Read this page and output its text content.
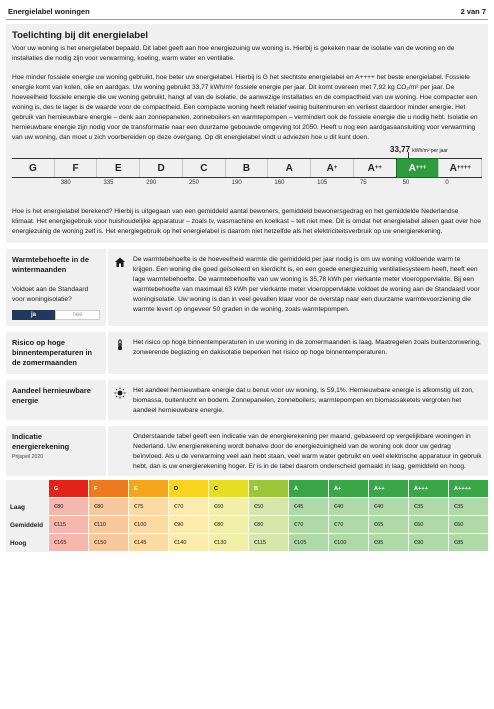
Energielabel woningen	2 van 7
Toelichting bij dit energielabel
Voor uw woning is het energielabel bepaald. Dit label geeft aan hoe energiezuinig uw woning is. Hierbij is gekeken naar de isolatie van de woning en de installaties die nodig zijn voor verwarming, koeling, warm water en ventilatie.
Hoe minder fossiele energie uw woning gebruikt, hoe beter uw energielabel. Hierbij is G het slechtste energielabel en A++++ het beste energielabel. Fossiele energie komt van kolen, olie en aardgas. Uw woning gebruikt 33,77 kWh/m² fossiele energie per jaar. Dit komt overeen met 7,92 kg CO₂/m² per jaar. De hoeveelheid fossiele energie die uw woning gebruikt, hangt af van de isolatie, de aanwezige installaties en de compactheid van uw woning. Hoe compacter een woning is, des te lager is de waarde voor de compactheid. Een compacte woning heeft relatief weinig buitenmuren en verliest daardoor minder energie. Het gebruik van hernieuwbare energie – denk aan zonnepanelen, zonneboilers en warmtepompen – vermindert ook de fossiele energie die u nodig hebt. Isolatie en hernieuwbare energie zijn nodig voor de transformatie naar een duurzame gebouwde omgeving tot 2050. Heeft u nog een aardgasaansluiting voor verwarming van uw woning, dan moet u zich voorbereiden op deze overgang. Op dit energielabel vindt u adviezen hoe u dit kunt doen.
33,77 kWh/m² per jaar
G	F	E	D	C	B	A	A +	A ++	A +++ A ++++
380	335	290	250	190	160	105	75	50	0
Hoe is het energielabel berekend? Hierbij is uitgegaan van een gemiddeld aantal bewoners, gemiddeld bewonersgedrag en het gemiddelde Nederlandse klimaat. Het energiegebruik voor huishoudelijke apparatuur – zoals tv, wasmachine en koelkast – telt niet mee. Dit is omdat het energielabel alleen gaat over hoe energiezuinig de woning zelf is. Het energiegebruik op het energielabel is daarom niet hetzelfde als het elektriciteitsverbruik op uw energierekening.
Warmtebehoefte in de wintermaanden
Voldoet aan de Standaard voor woningisolatie?
ja	nee
De warmtebehoefte is de hoeveelheid warmte die gemiddeld per jaar nodig is om uw woning voldoende warm te krijgen. Een woning die goed geïsoleerd en kierdicht is, en een goede energiezuinig ventilatiesysteem heeft, heeft een lage warmtebehoefte. De warmtebehoefte van uw woning is 35,78 kWh per vierkante meter vloeroppervlakte. Bij een warmtebehoefte van maximaal 63 kWh per vierkante meter vloeroppervlakte voldoet de woning aan de Standaard voor woningisolatie. Uw woning is dan in veel gevallen klaar voor de overstap naar een duurzame warmtevoorziening die warmte levert op ongeveer 50 graden in de woning, zoals warmtepompen.
Risico op hoge binnentemperaturen in de zomermaanden
Het risico op hoge binnentemperaturen in uw woning in de zomermaanden is laag. Maatregelen zoals buitenzonwering, zonwerende beglazing en dakisolatie beperken het risico op hoge binnentemperaturen.
Aandeel hernieuwbare energie
Het aandeel hernieuwbare energie dat u benut voor uw woning, is 59,1%. Hernieuwbare energie is afkomstig uit zon, biomassa, buitenlucht en bodem. Zonnepanelen, zonneboilers, warmtepompen en biomassaketels vergroten het aandeel hernieuwbare energie.
Indicatie energierekening
Prijspeil 2020
Onderstaande tabel geeft een indicatie van de energierekening per maand, gebaseerd op vergelijkbare woningen in Nederland. Uw energierekening wordt behalve door de energiezuinigheid van de woning ook door uw gedrag beïnvloed. Als u de verwarming veel aan hebt staan, veel warm water gebruikt en veel elektrische apparatuur in gebruik hebt, dan is uw energierekening hoger. Er is in de tabel daarom onderscheid gemaakt in laag, gemiddeld en hoog.
G	F	E	D	C	B	A	A+	A++	A+++	A++++
Laag	€80	€80	€75	€70	€60	€50	€45	€40	€40	€35	€35
Gemiddeld	€115	€110	€100	€90	€80	€80	€70	€70	€65	€60	€60
Hoog	€165	€150	€145	€140	€130	€115	€105	€100	€95	€90	€85
